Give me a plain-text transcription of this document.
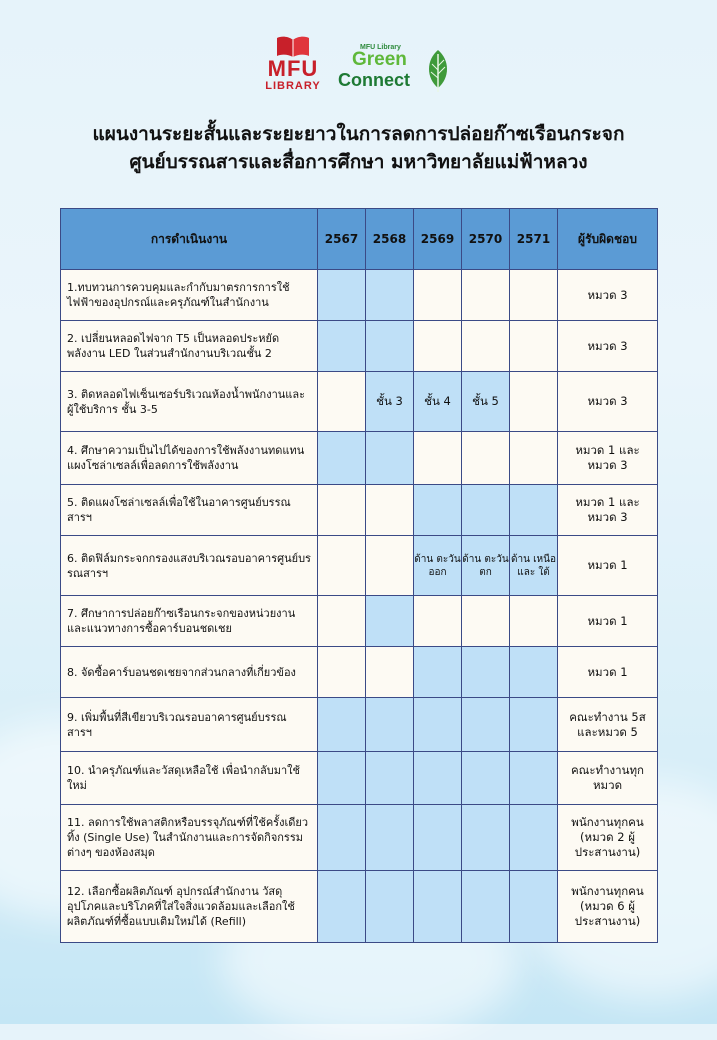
MFU
LIBRARY
MFU Library
Green
Connect
แผนงานระยะสั้นและระยะยาวในการลดการปล่อยก๊าซเรือนกระจก
ศูนย์บรรณสารและสื่อการศึกษา มหาวิทยาลัยแม่ฟ้าหลวง
การดำเนินงาน	2567	2568	2569	2570	2571	ผู้รับผิดชอบ
1.ทบทวนการควบคุมและกำกับมาตรการการใช้ไฟฟ้าของอุปกรณ์และครุภัณฑ์ในสำนักงาน						หมวด 3
2. เปลี่ยนหลอดไฟจาก T5 เป็นหลอดประหยัดพลังงาน LED ในส่วนสำนักงานบริเวณชั้น 2						หมวด 3
3. ติดหลอดไฟเซ็นเซอร์บริเวณห้องน้ำพนักงานและผู้ใช้บริการ ชั้น 3-5		ชั้น 3	ชั้น 4	ชั้น 5		หมวด 3
4. ศึกษาความเป็นไปได้ของการใช้พลังงานทดแทน แผงโซล่าเซลล์เพื่อลดการใช้พลังงาน						หมวด 1 และหมวด 3
5. ติดแผงโซล่าเซลล์เพื่อใช้ในอาคารศูนย์บรรณสารฯ						หมวด 1 และหมวด 3
6. ติดฟิล์มกระจกกรองแสงบริเวณรอบอาคารศูนย์บรรณสารฯ			ด้าน ตะวัน ออก	ด้าน ตะวันตก	ด้าน เหนือและ ใต้	หมวด 1
7. ศึกษาการปล่อยก๊าซเรือนกระจกของหน่วยงานและแนวทางการซื้อคาร์บอนชดเชย						หมวด 1
8. จัดซื้อคาร์บอนชดเชยจากส่วนกลางที่เกี่ยวข้อง						หมวด 1
9. เพิ่มพื้นที่สีเขียวบริเวณรอบอาคารศูนย์บรรณสารฯ						คณะทำงาน 5ส และหมวด 5
10. นำครุภัณฑ์และวัสดุเหลือใช้ เพื่อนำกลับมาใช้ใหม่						คณะทำงานทุกหมวด
11. ลดการใช้พลาสติกหรือบรรจุภัณฑ์ที่ใช้ครั้งเดียวทิ้ง (Single Use) ในสำนักงานและการจัดกิจกรรมต่างๆ ของห้องสมุด						พนักงานทุกคน (หมวด 2 ผู้ประสานงาน)
12. เลือกซื้อผลิตภัณฑ์ อุปกรณ์สำนักงาน วัสดุอุปโภคและบริโภคที่ใส่ใจสิ่งแวดล้อมและเลือกใช้ผลิตภัณฑ์ที่ซื้อแบบเติมใหม่ได้ (Refill)						พนักงานทุกคน (หมวด 6 ผู้ประสานงาน)
